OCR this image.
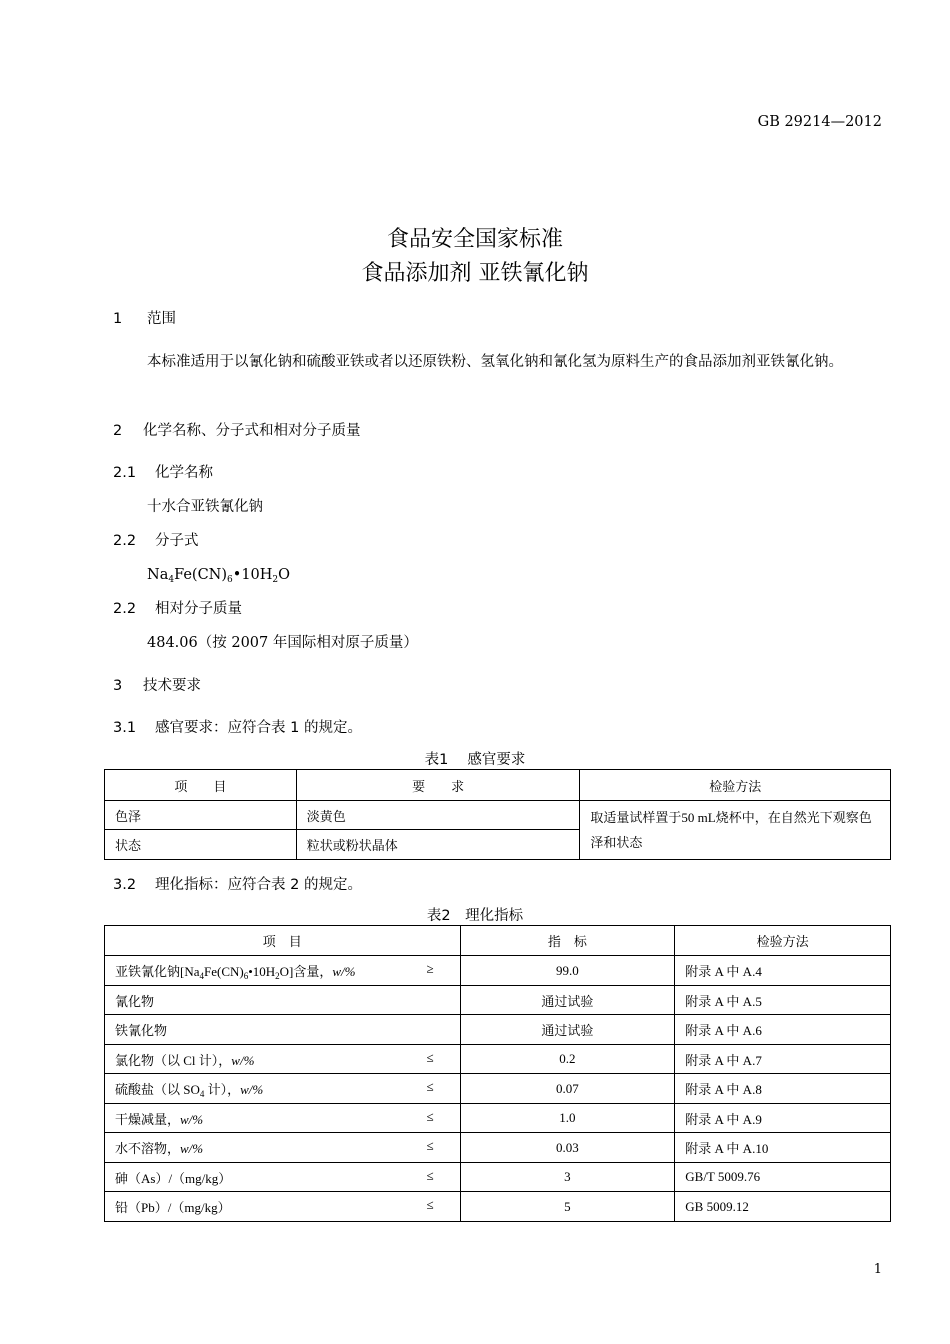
GB 29214—2012
食品安全国家标准
食品添加剂 亚铁氰化钠
1 范围
本标准适用于以氰化钠和硫酸亚铁或者以还原铁粉、氢氧化钠和氰化氢为原料生产的食品添加剂亚铁氰化钠。
2 化学名称、分子式和相对分子质量
2.1 化学名称
十水合亚铁氰化钠
2.2 分子式
$Na_4Fe(CN)_6•10H_2O$
2.2 相对分子质量
484.06（按 2007 年国际相对原子质量）
3 技术要求
3.1 感官要求：应符合表 1 的规定。
表1　 感官要求
项　　目	要　　求	检验方法
色泽	淡黄色	取适量试样置于50 mL烧杯中，在自然光下观察色泽和状态
状态	粒状或粉状晶体	
3.2 理化指标：应符合表 2 的规定。
表2　理化指标
项　目	指　标	检验方法
亚铁氰化钠$[Na_4Fe(CN)_6•10H_2O]$含量，w/% ≥	99.0	附录 A 中 A.4
氰化物	通过试验	附录 A 中 A.5
铁氰化物	通过试验	附录 A 中 A.6
氯化物（以 Cl 计），w/% ≤	0.2	附录 A 中 A.7
硫酸盐（以 $SO_4$ 计），w/% ≤	0.07	附录 A 中 A.8
干燥减量，w/% ≤	1.0	附录 A 中 A.9
水不溶物，w/% ≤	0.03	附录 A 中 A.10
砷（As）/（mg/kg） ≤	3	GB/T 5009.76
铅（Pb）/（mg/kg） ≤	5	GB 5009.12
1
